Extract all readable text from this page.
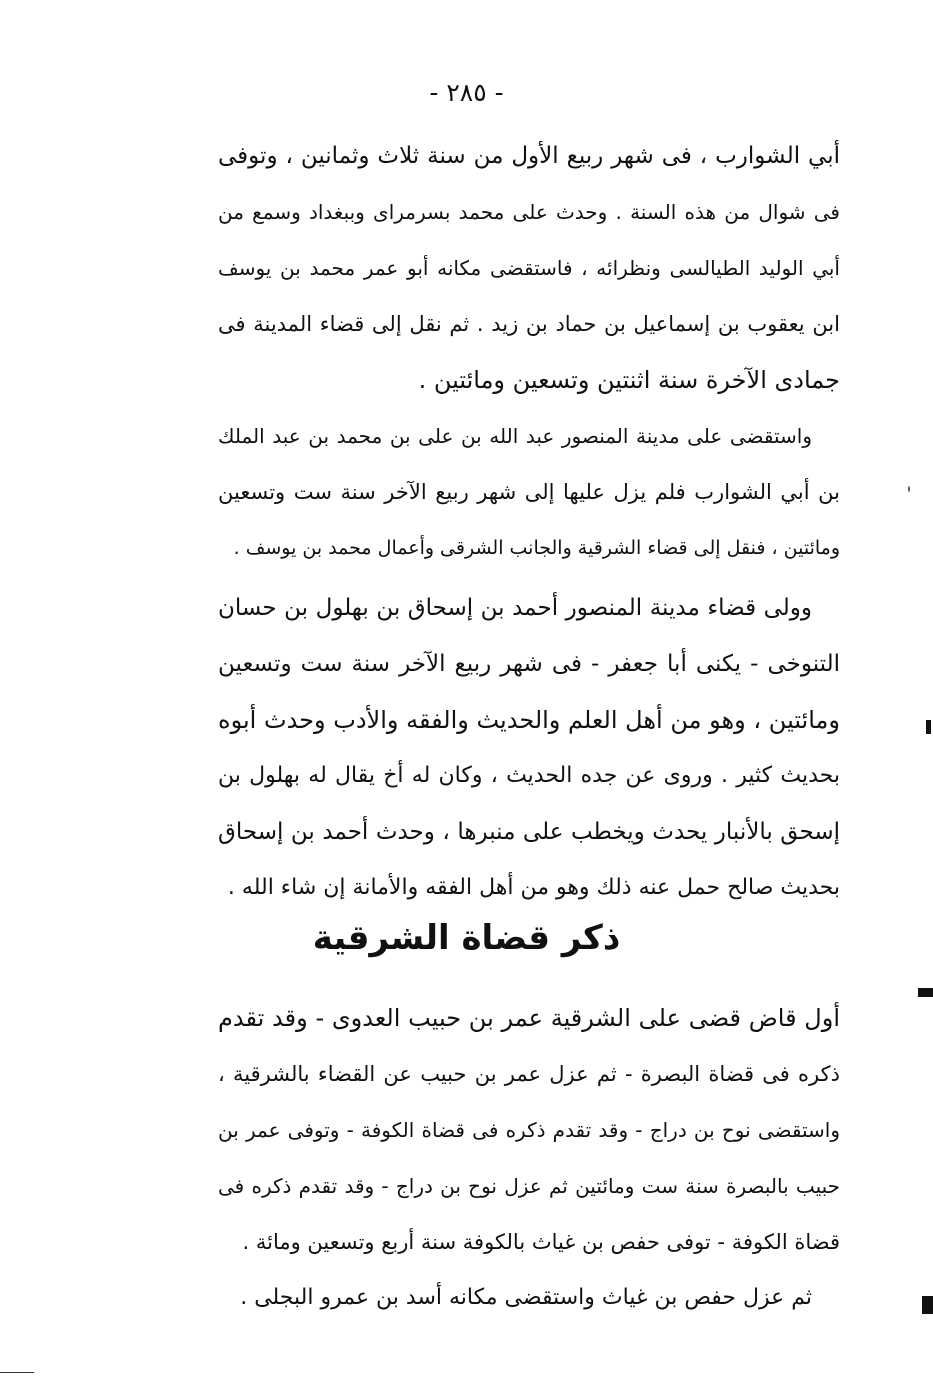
- ٢٨٥ -
أبي الشوارب ، فى شهر ربيع الأول من سنة ثلاث وثمانين ، وتوفى
فى شوال من هذه السنة . وحدث على محمد بسرمراى وببغداد وسمع من
أبي الوليد الطيالسى ونظرائه ، فاستقضى مكانه أبو عمر محمد بن يوسف
ابن يعقوب بن إسماعيل بن حماد بن زيد . ثم نقل إلى قضاء المدينة فى
جمادى الآخرة سنة اثنتين وتسعين ومائتين .
واستقضى على مدينة المنصور عبد الله بن على بن محمد بن عبد الملك
بن أبي الشوارب فلم يزل عليها إلى شهر ربيع الآخر سنة ست وتسعين
ومائتين ، فنقل إلى قضاء الشرقية والجانب الشرقى وأعمال محمد بن يوسف .
وولى قضاء مدينة المنصور أحمد بن إسحاق بن بهلول بن حسان
التنوخى - يكنى أبا جعفر - فى شهر ربيع الآخر سنة ست وتسعين
ومائتين ، وهو من أهل العلم والحديث والفقه والأدب وحدث أبوه
بحديث كثير . وروى عن جده الحديث ، وكان له أخ يقال له بهلول بن
إسحق بالأنبار يحدث ويخطب على منبرها ، وحدث أحمد بن إسحاق
بحديث صالح حمل عنه ذلك وهو من أهل الفقه والأمانة إن شاء الله .
ذكر قضاة الشرقية
أول قاض قضى على الشرقية عمر بن حبيب العدوى - وقد تقدم
ذكره فى قضاة البصرة - ثم عزل عمر بن حبيب عن القضاء بالشرقية ،
واستقضى نوح بن دراج - وقد تقدم ذكره فى قضاة الكوفة - وتوفى عمر بن
حبيب بالبصرة سنة ست ومائتين ثم عزل نوح بن دراج - وقد تقدم ذكره فى
قضاة الكوفة - توفى حفص بن غياث بالكوفة سنة أربع وتسعين ومائة .
ثم عزل حفص بن غياث واستقضى مكانه أسد بن عمرو البجلى .
